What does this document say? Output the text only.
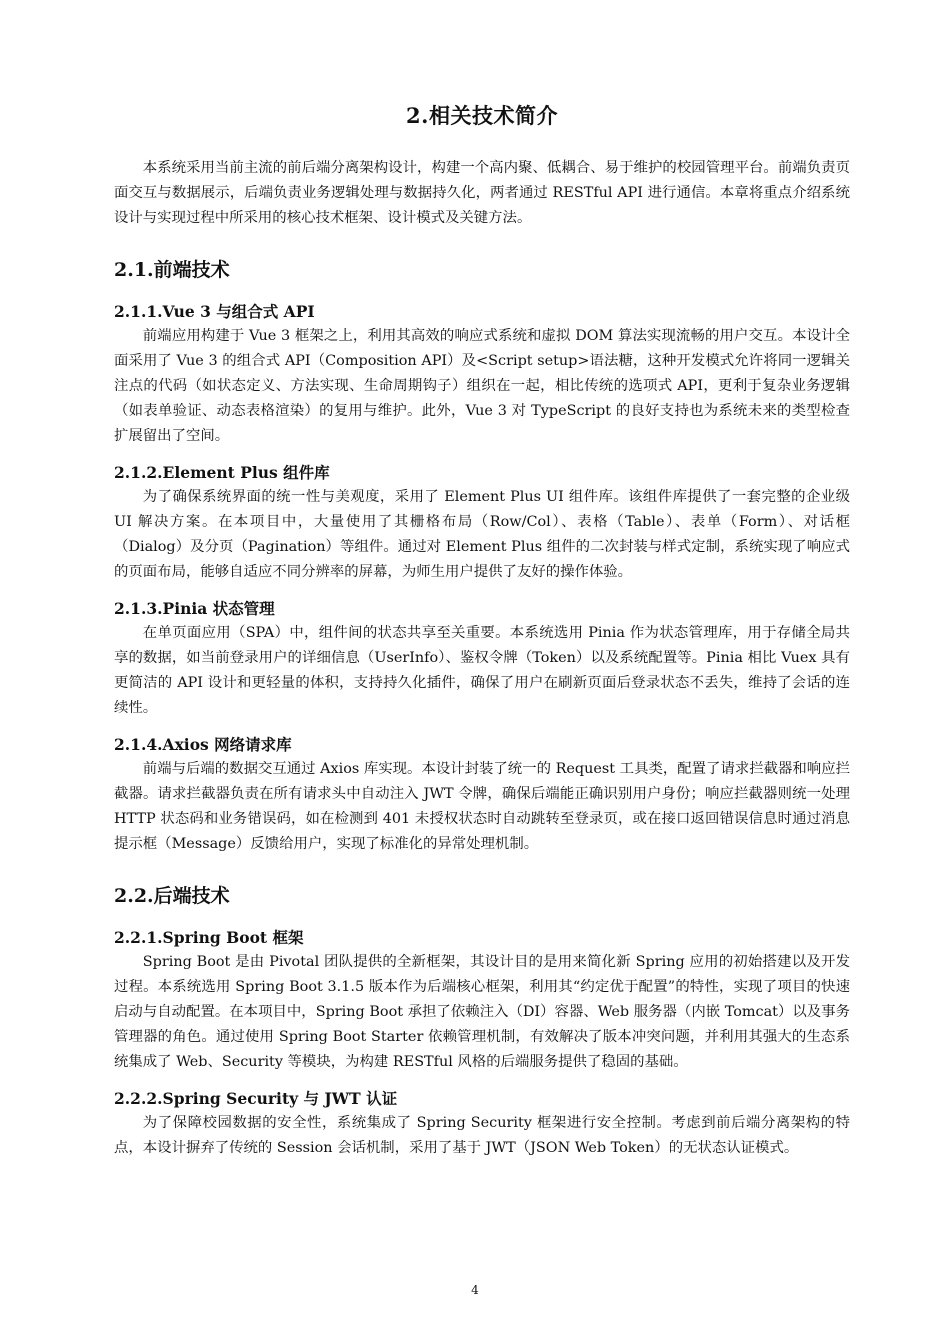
2.相关技术简介

本系统采用当前主流的前后端分离架构设计，构建一个高内聚、低耦合、易于维护的校园管理平台。前端负责页面交互与数据展示，后端负责业务逻辑处理与数据持久化，两者通过 RESTful API 进行通信。本章将重点介绍系统设计与实现过程中所采用的核心技术框架、设计模式及关键方法。

2.1.前端技术
2.1.1.Vue 3 与组合式 API

前端应用构建于 Vue 3 框架之上，利用其高效的响应式系统和虚拟 DOM 算法实现流畅的用户交互。本设计全面采用了 Vue 3 的组合式 API（Composition API）及<Script setup>语法糖，这种开发模式允许将同一逻辑关注点的代码（如状态定义、方法实现、生命周期钩子）组织在一起，相比传统的选项式 API，更利于复杂业务逻辑（如表单验证、动态表格渲染）的复用与维护。此外，Vue 3 对 TypeScript 的良好支持也为系统未来的类型检查扩展留出了空间。

2.1.2.Element Plus 组件库

为了确保系统界面的统一性与美观度，采用了 Element Plus UI 组件库。该组件库提供了一套完整的企业级 UI 解决方案。在本项目中，大量使用了其栅格布局（Row/Col）、表格（Table）、表单（Form）、对话框（Dialog）及分页（Pagination）等组件。通过对 Element Plus 组件的二次封装与样式定制，系统实现了响应式的页面布局，能够自适应不同分辨率的屏幕，为师生用户提供了友好的操作体验。

2.1.3.Pinia 状态管理

在单页面应用（SPA）中，组件间的状态共享至关重要。本系统选用 Pinia 作为状态管理库，用于存储全局共享的数据，如当前登录用户的详细信息（UserInfo）、鉴权令牌（Token）以及系统配置等。Pinia 相比 Vuex 具有更简洁的 API 设计和更轻量的体积，支持持久化插件，确保了用户在刷新页面后登录状态不丢失，维持了会话的连续性。

2.1.4.Axios 网络请求库

前端与后端的数据交互通过 Axios 库实现。本设计封装了统一的 Request 工具类，配置了请求拦截器和响应拦截器。请求拦截器负责在所有请求头中自动注入 JWT 令牌，确保后端能正确识别用户身份；响应拦截器则统一处理 HTTP 状态码和业务错误码，如在检测到 401 未授权状态时自动跳转至登录页，或在接口返回错误信息时通过消息提示框（Message）反馈给用户，实现了标准化的异常处理机制。

2.2.后端技术
2.2.1.Spring Boot 框架

Spring Boot 是由 Pivotal 团队提供的全新框架，其设计目的是用来简化新 Spring 应用的初始搭建以及开发过程。本系统选用 Spring Boot 3.1.5 版本作为后端核心框架，利用其“约定优于配置”的特性，实现了项目的快速启动与自动配置。在本项目中，Spring Boot 承担了依赖注入（DI）容器、Web 服务器（内嵌 Tomcat）以及事务管理器的角色。通过使用 Spring Boot Starter 依赖管理机制，有效解决了版本冲突问题，并利用其强大的生态系统集成了 Web、Security 等模块，为构建 RESTful 风格的后端服务提供了稳固的基础。

2.2.2.Spring Security 与 JWT 认证

为了保障校园数据的安全性，系统集成了 Spring Security 框架进行安全控制。考虑到前后端分离架构的特点，本设计摒弃了传统的 Session 会话机制，采用了基于 JWT（JSON Web Token）的无状态认证模式。

4
